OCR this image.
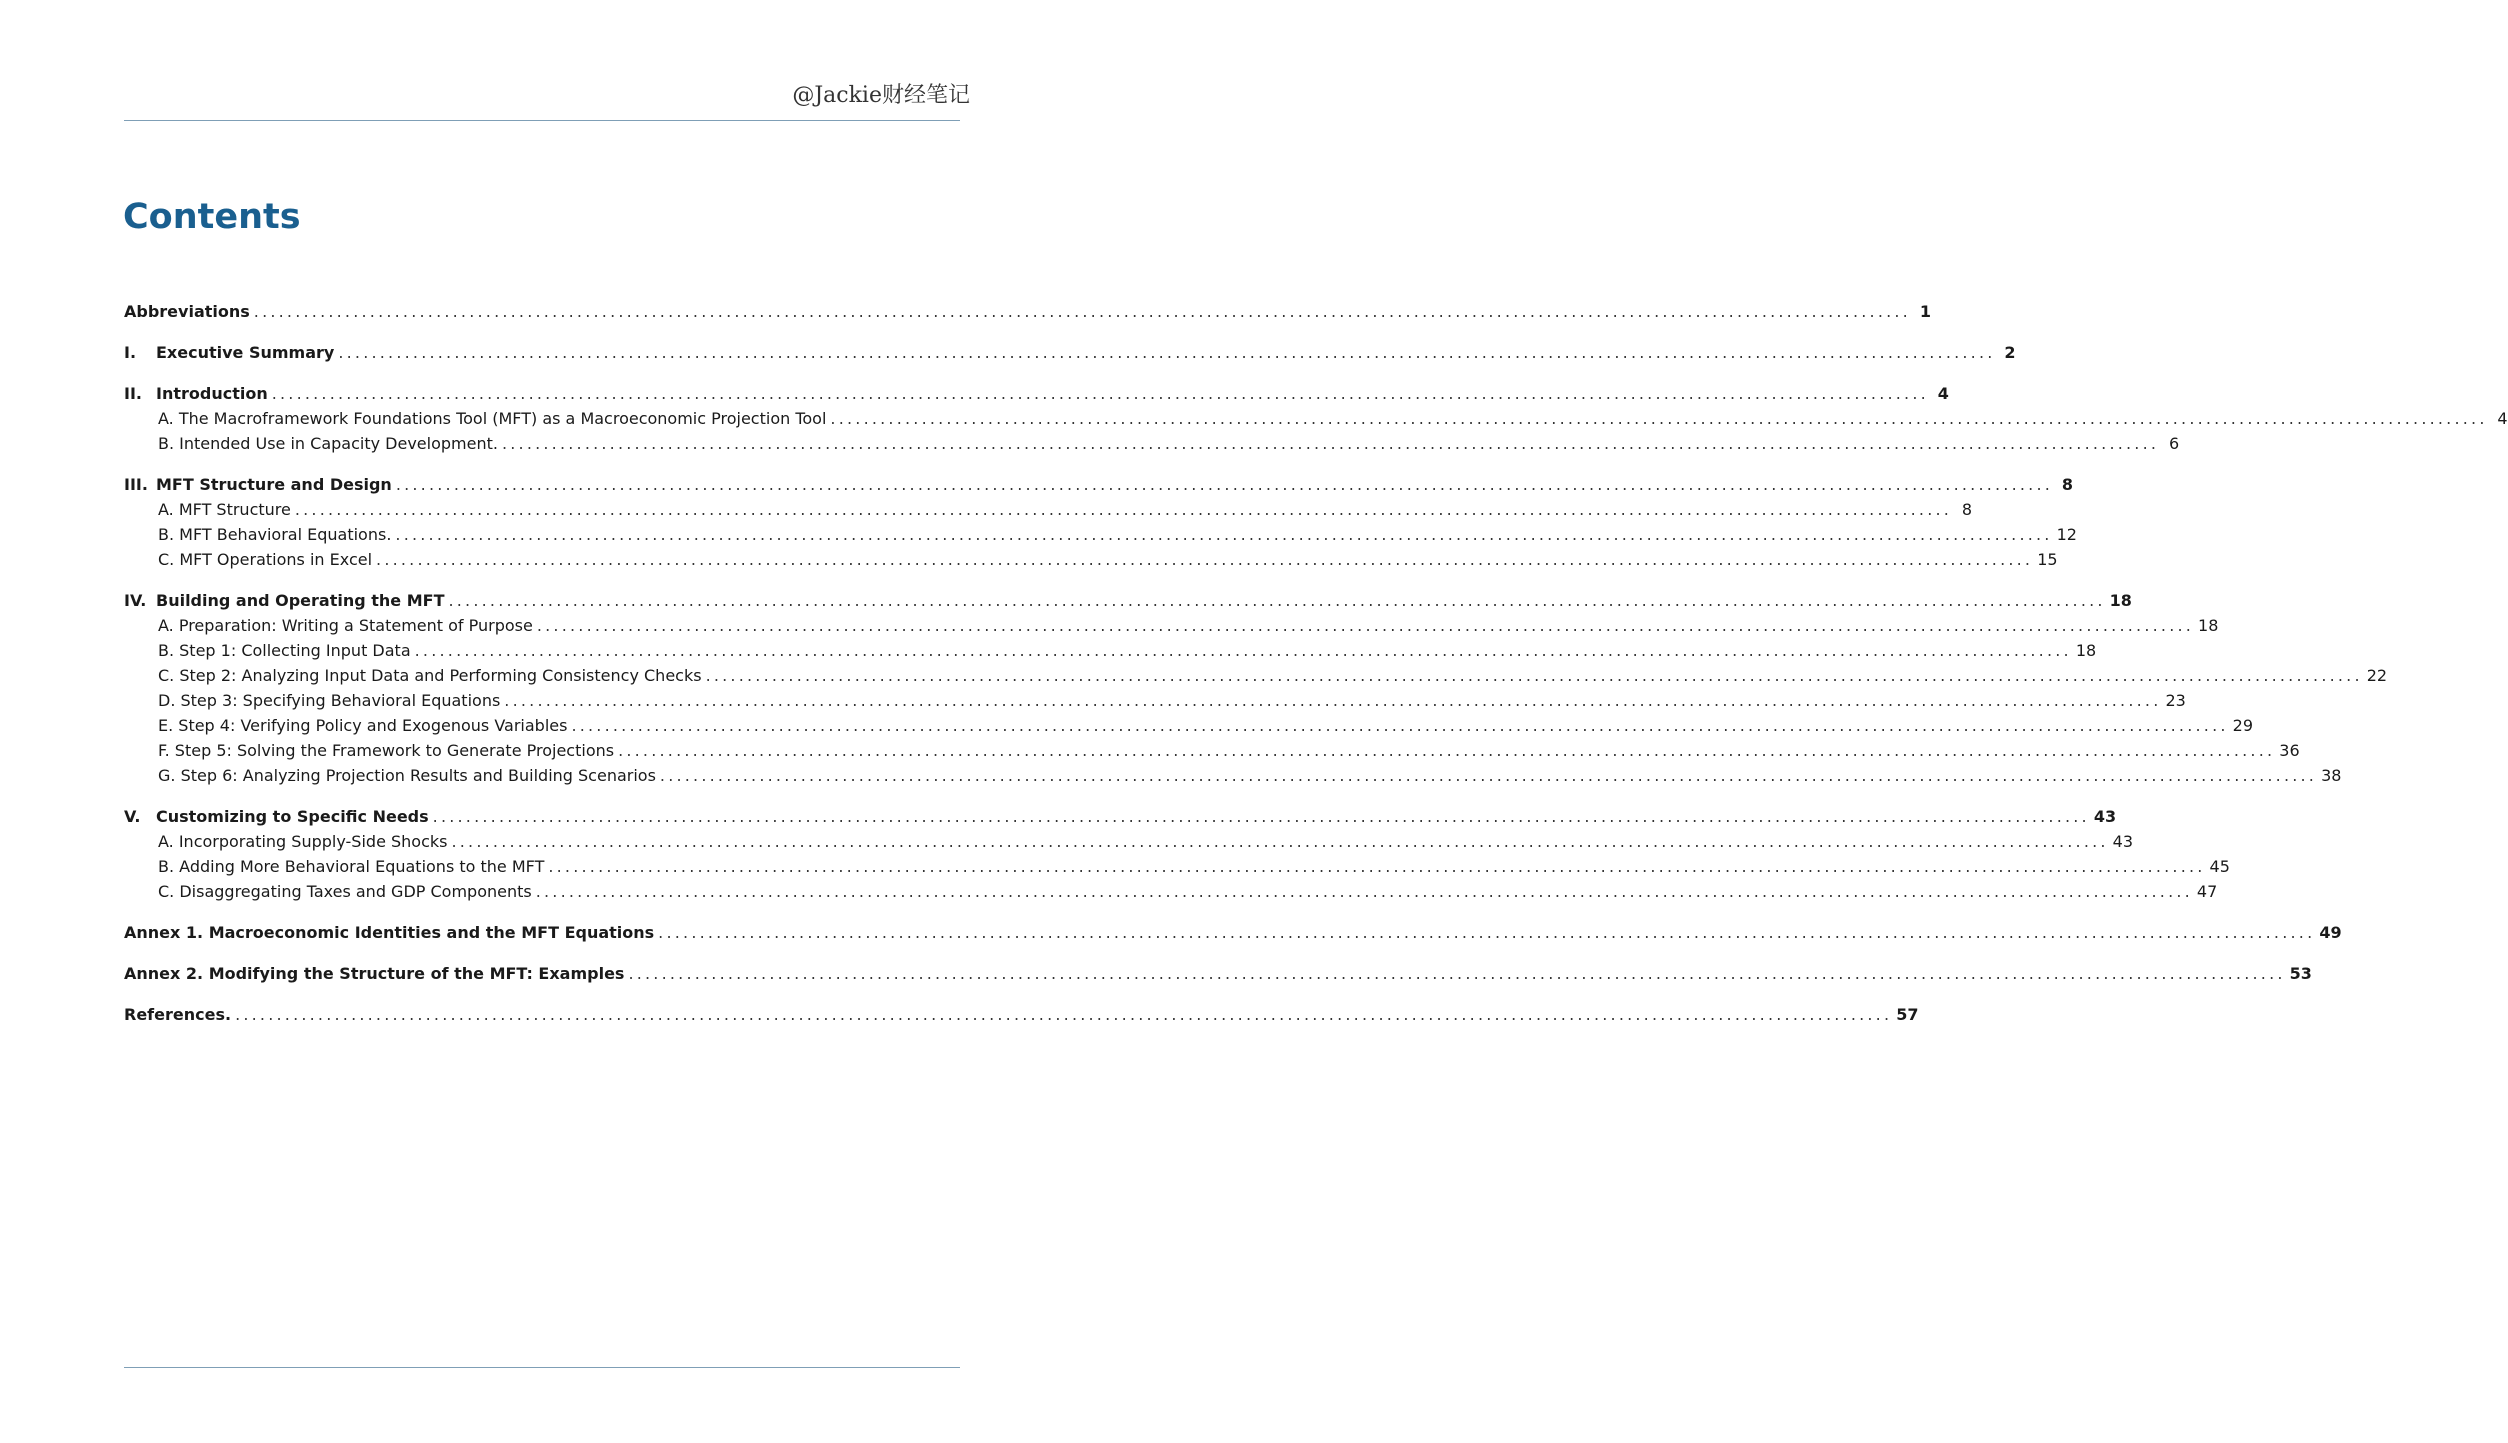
@Jackie财经笔记
Contents
Abbreviations ........................................................................................................................................................................................................ 1
I.	Executive Summary ........................................................................................................................................................................................................ 2
II. Introduction ........................................................................................................................................................................................................ 4
A. The Macroframework Foundations Tool (MFT) as a Macroeconomic Projection Tool ........................................................................................................................................................................................................ 4
B. Intended Use in Capacity Development. ........................................................................................................................................................................................................ 6
III. MFT Structure and Design ........................................................................................................................................................................................................ 8
A. MFT Structure ........................................................................................................................................................................................................ 8
B. MFT Behavioral Equations. ........................................................................................................................................................................................................ 12
C. MFT Operations in Excel ........................................................................................................................................................................................................ 15
IV. Building and Operating the MFT ........................................................................................................................................................................................................ 18
A. Preparation: Writing a Statement of Purpose ........................................................................................................................................................................................................ 18
B. Step 1: Collecting Input Data ........................................................................................................................................................................................................ 18
C. Step 2: Analyzing Input Data and Performing Consistency Checks ........................................................................................................................................................................................................ 22
D. Step 3: Specifying Behavioral Equations ........................................................................................................................................................................................................ 23
E. Step 4: Verifying Policy and Exogenous Variables ........................................................................................................................................................................................................ 29
F. Step 5: Solving the Framework to Generate Projections ........................................................................................................................................................................................................ 36
G. Step 6: Analyzing Projection Results and Building Scenarios ........................................................................................................................................................................................................ 38
V. Customizing to Specific Needs ........................................................................................................................................................................................................ 43
A. Incorporating Supply-Side Shocks ........................................................................................................................................................................................................ 43
B. Adding More Behavioral Equations to the MFT ........................................................................................................................................................................................................ 45
C. Disaggregating Taxes and GDP Components ........................................................................................................................................................................................................ 47
Annex 1. Macroeconomic Identities and the MFT Equations ........................................................................................................................................................................................................ 49
Annex 2. Modifying the Structure of the MFT: Examples ........................................................................................................................................................................................................ 53
References. ........................................................................................................................................................................................................ 57
